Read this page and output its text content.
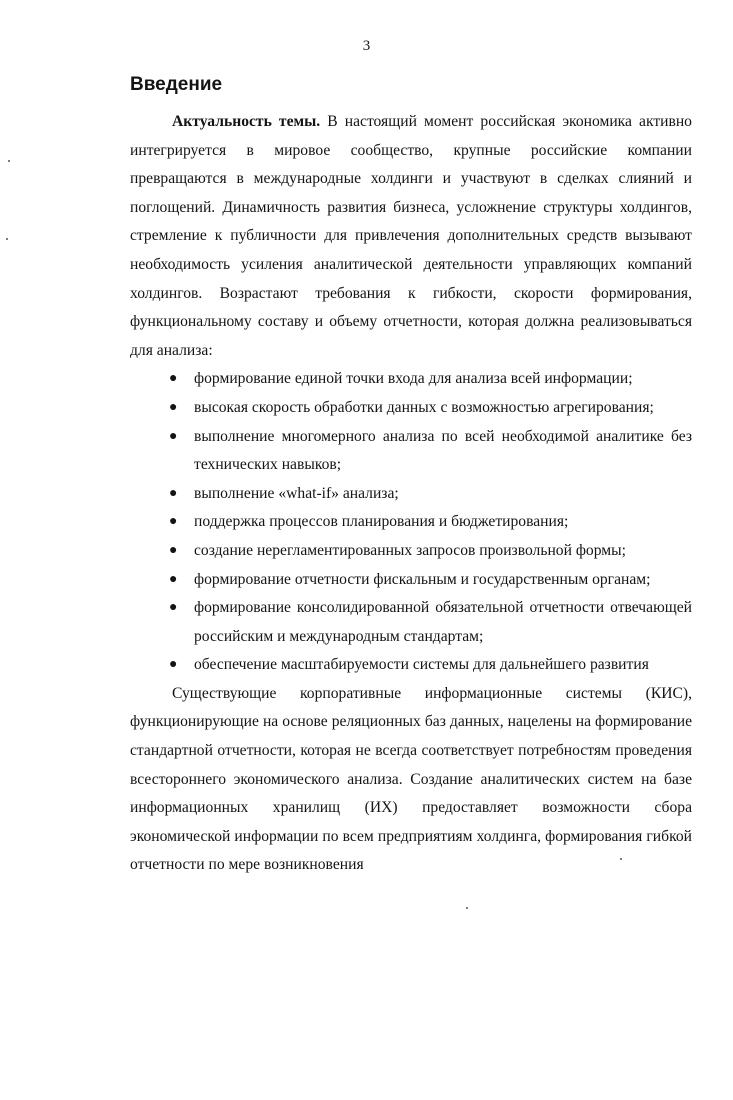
3
Введение

Актуальность темы. В настоящий момент российская экономика активно интегрируется в мировое сообщество, крупные российские компании превращаются в международные холдинги и участвуют в сделках слияний и поглощений. Динамичность развития бизнеса, усложнение структуры холдингов, стремление к публичности для привлечения дополнительных средств вызывают необходимость усиления аналитической деятельности управляющих компаний холдингов. Возрастают требования к гибкости, скорости формирования, функциональному составу и объему отчетности, которая должна реализовываться для анализа:

● формирование единой точки входа для анализа всей информации;
● высокая скорость обработки данных с возможностью агрегирования;
● выполнение многомерного анализа по всей необходимой аналитике без технических навыков;
● выполнение «what-if» анализа;
● поддержка процессов планирования и бюджетирования;
● создание нерегламентированных запросов произвольной формы;
● формирование отчетности фискальным и государственным органам;
● формирование консолидированной обязательной отчетности отвечающей российским и международным стандартам;
● обеспечение масштабируемости системы для дальнейшего развития

Существующие корпоративные информационные системы (КИС), функционирующие на основе реляционных баз данных, нацелены на формирование стандартной отчетности, которая не всегда соответствует потребностям проведения всестороннего экономического анализа. Создание аналитических систем на базе информационных хранилищ (ИХ) предоставляет возможности сбора экономической информации по всем предприятиям холдинга, формирования гибкой отчетности по мере возникновения
